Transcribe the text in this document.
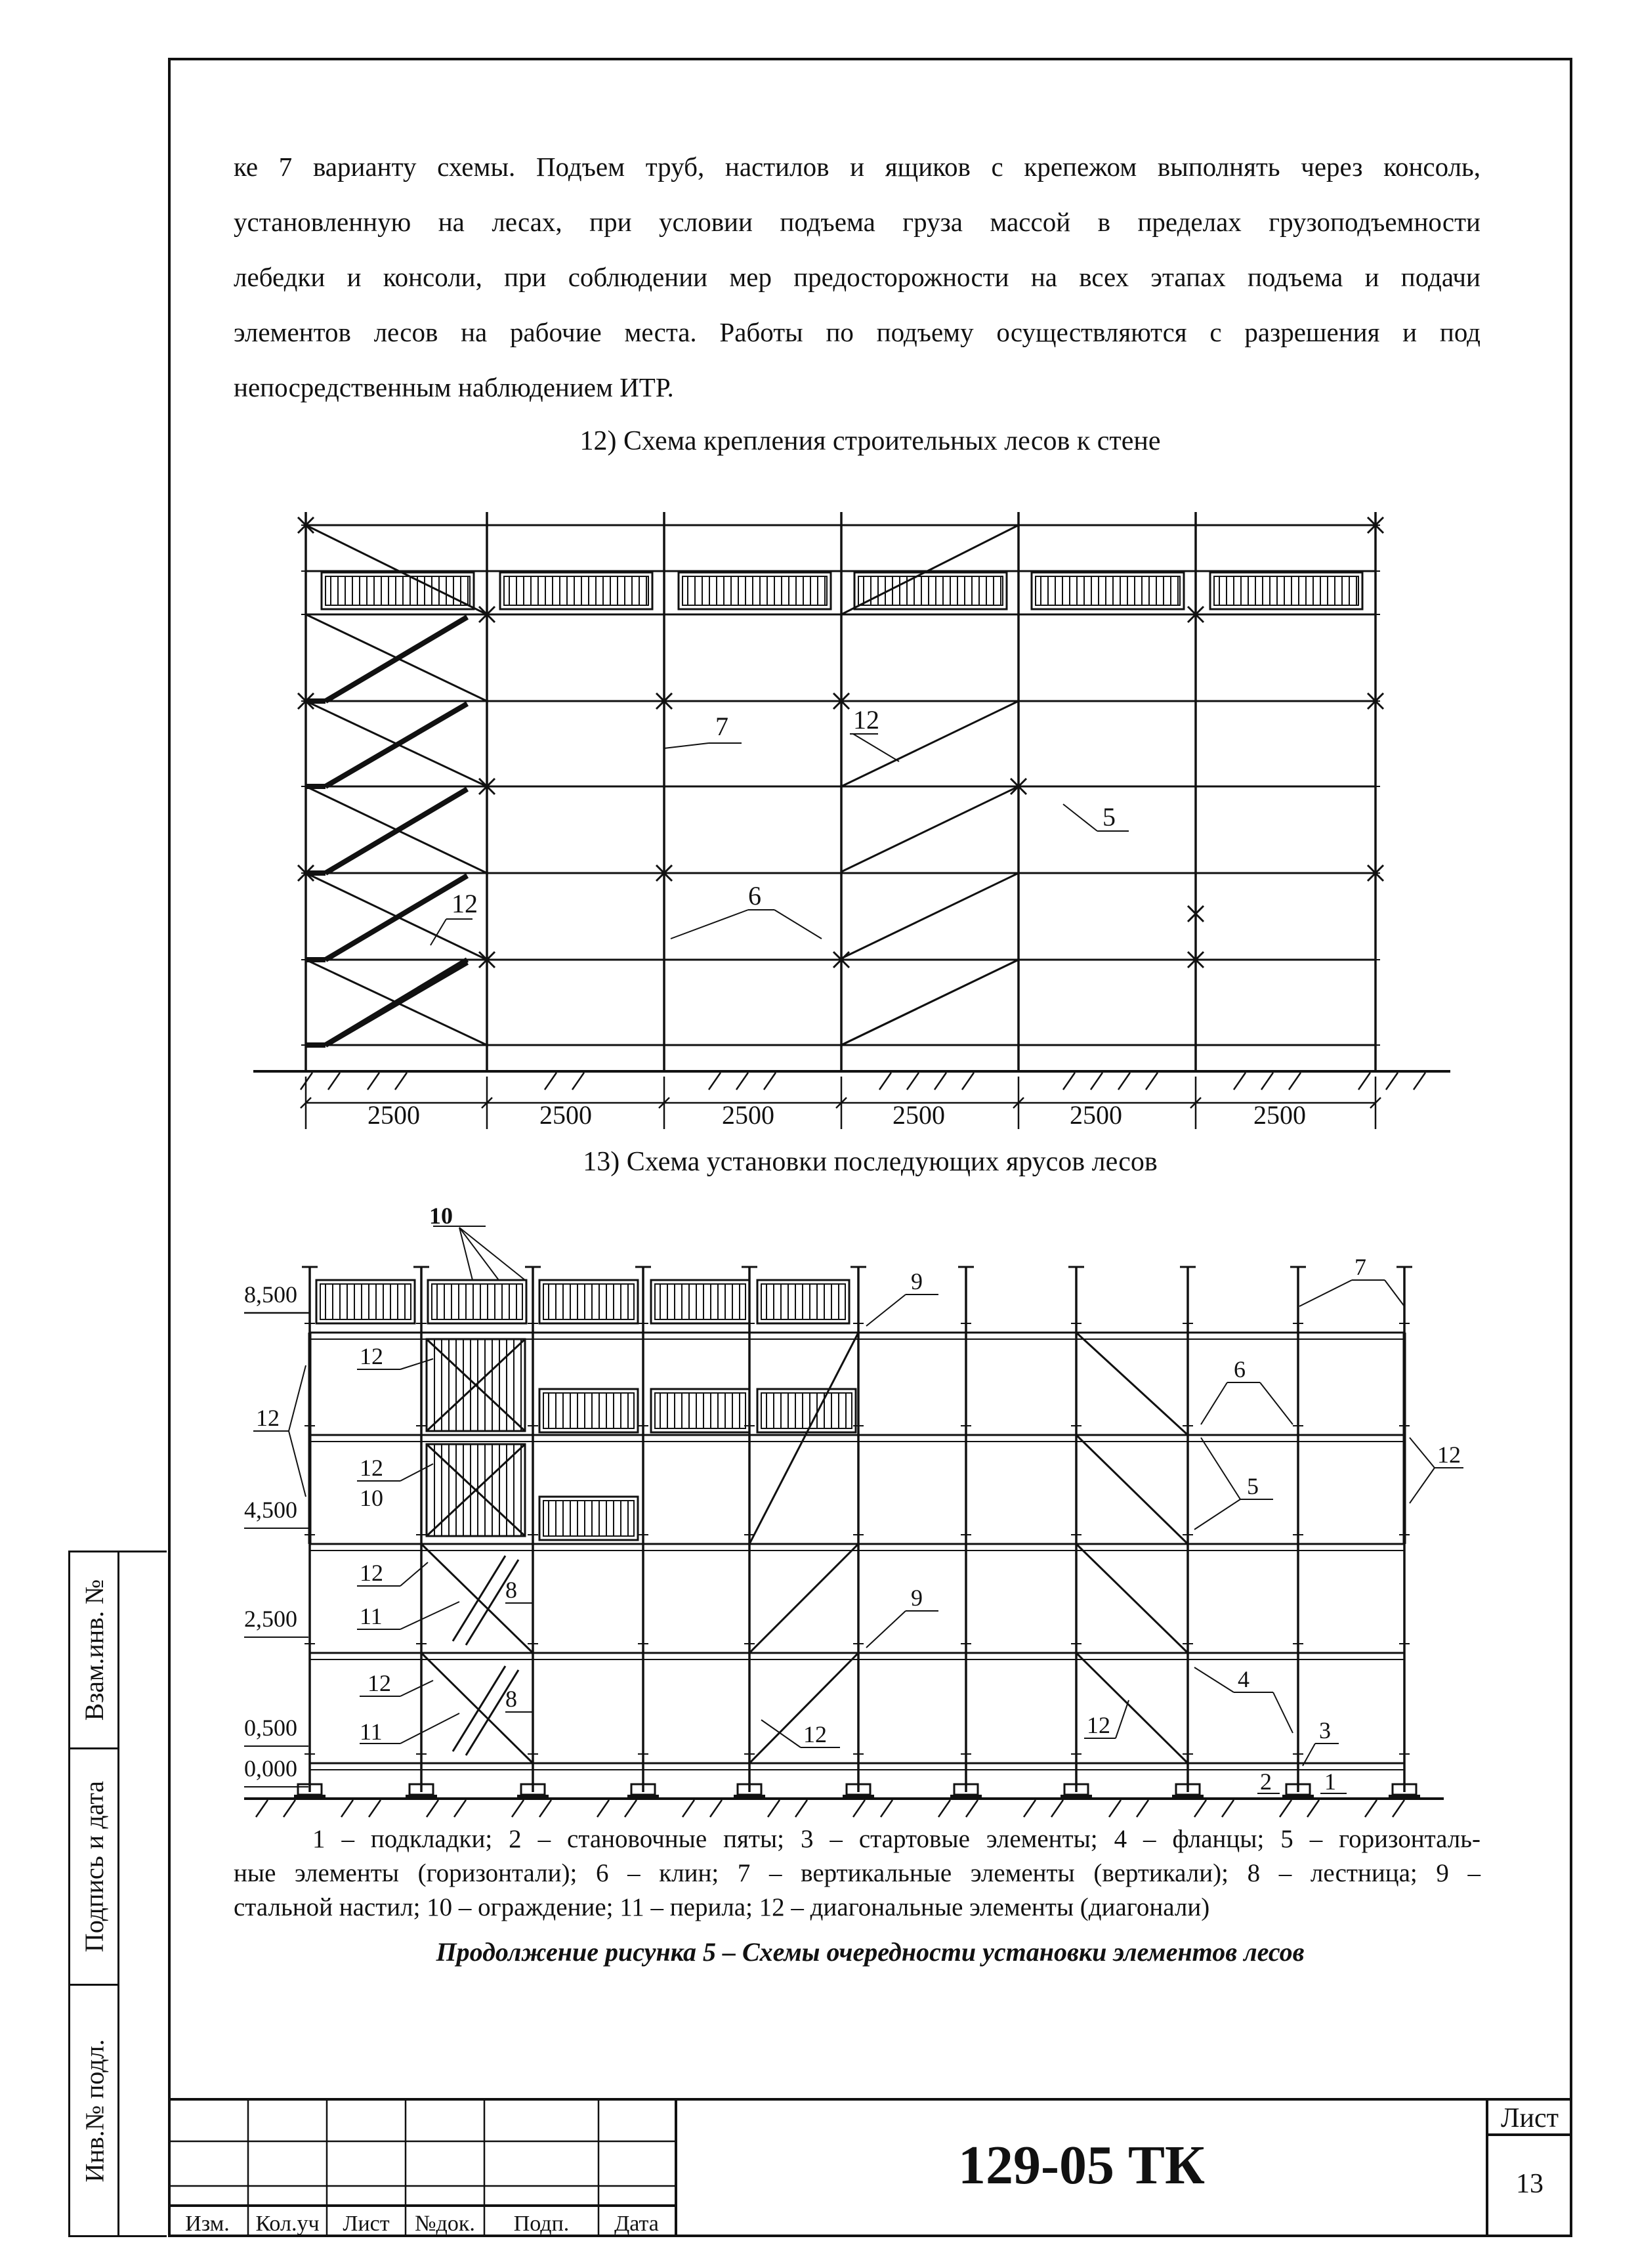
Взам.инв. №
Подпись и дата
Инв.№ подл.
ке 7 варианту схемы. Подъем труб, настилов и ящиков с крепежом выполнять через консоль,
установленную на лесах, при условии подъема груза массой в пределах грузоподъемности
лебедки и консоли, при соблюдении мер предосторожности на всех этапах подъема и подачи
элементов лесов на рабочие места. Работы по подъему осуществляются с разрешения и под
непосредственным наблюдением ИТР.
12) Схема крепления строительных лесов к стене
7	12
5
6
12
2500	2500	2500	2500	2500	2500
13) Схема установки последующих ярусов лесов
8,500
4,500
2,500
0,500
0,000
10
12
12
10
12
11
8
12
11
8
9
9
12	12
7
6
5
12
4
3
2 1
12
1 – подкладки; 2 – становочные пяты; 3 – стартовые элементы; 4 – фланцы; 5 – горизонталь-
ные элементы (горизонтали); 6 – клин; 7 – вертикальные элементы (вертикали); 8 – лестница; 9 –
стальной настил; 10 – ограждение; 11 – перила; 12 – диагональные элементы (диагонали)
Продолжение рисунка 5 – Схемы очередности установки элементов лесов
Изм. Кол.уч Лист №док. Подп. Дата
129-05 ТК
Лист
13
